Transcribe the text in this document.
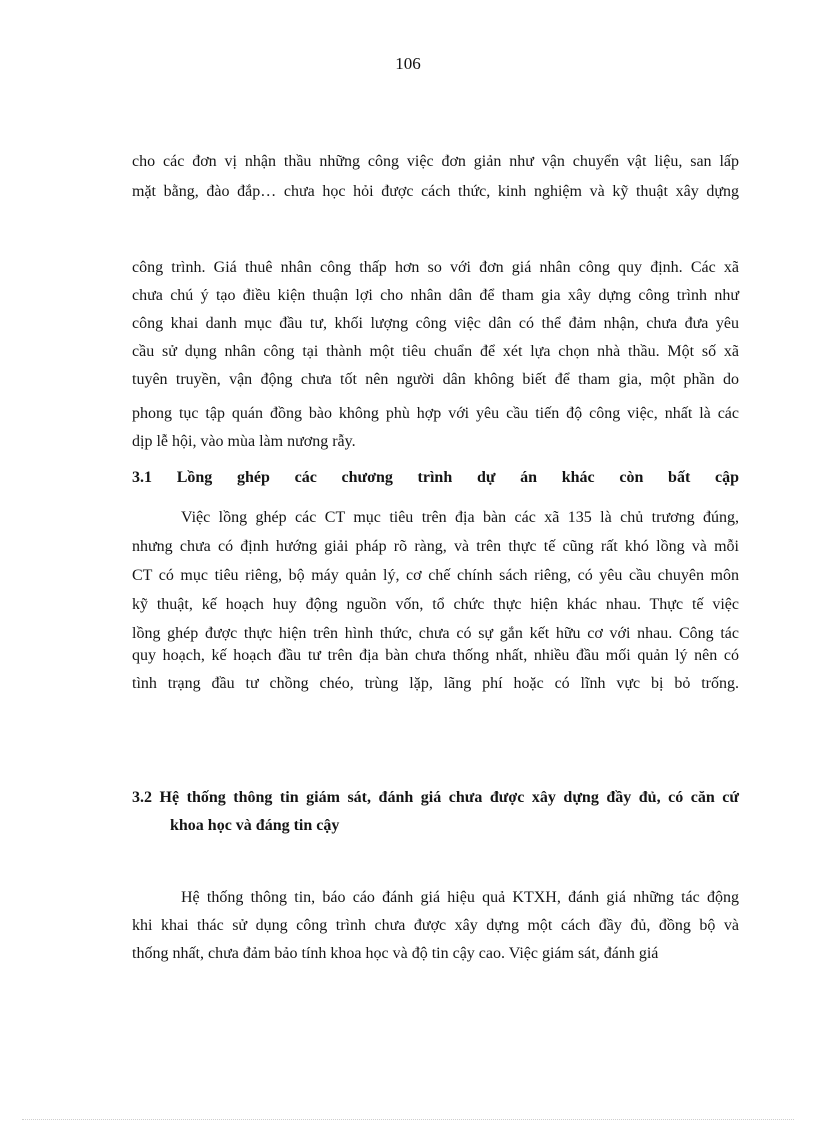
106
cho các đơn vị nhận thầu những công việc đơn giản như vận chuyển vật liệu, san lấp
mặt bằng, đào đắp… chưa học hỏi được cách thức, kinh nghiệm và kỹ thuật xây dựng
công trình. Giá thuê nhân công thấp hơn so với đơn giá nhân công quy định. Các xã
chưa chú ý tạo điều kiện thuận lợi cho nhân dân để tham gia xây dựng công trình như
công khai danh mục đầu tư, khối lượng công việc dân có thể đảm nhận, chưa đưa yêu
cầu sử dụng nhân công tại thành một tiêu chuẩn để xét lựa chọn nhà thầu. Một số xã
tuyên truyền, vận động chưa tốt nên người dân không biết để tham gia, một phần do
phong tục tập quán đồng bào không phù hợp với yêu cầu tiến độ công việc, nhất là các
dịp lễ hội, vào mùa làm nương rẫy.
3.1 Lồng ghép các chương trình dự án khác còn bất cập
Việc lồng ghép các CT mục tiêu trên địa bàn các xã 135 là chủ trương đúng,
nhưng chưa có định hướng giải pháp rõ ràng, và trên thực tế cũng rất khó lồng và mỗi
CT có mục tiêu riêng, bộ máy quản lý, cơ chế chính sách riêng, có yêu cầu chuyên môn
kỹ thuật, kế hoạch huy động nguồn vốn, tổ chức thực hiện khác nhau. Thực tế việc
lồng ghép được thực hiện trên hình thức, chưa có sự gắn kết hữu cơ với nhau. Công tác
quy hoạch, kế hoạch đầu tư trên địa bàn chưa thống nhất, nhiều đầu mối quản lý nên có
tình trạng đầu tư chồng chéo, trùng lặp, lãng phí hoặc có lĩnh vực bị bỏ trống.
3.2 Hệ thống thông tin giám sát, đánh giá chưa được xây dựng đầy đủ, có căn cứ
khoa học và đáng tin cậy
Hệ thống thông tin, báo cáo đánh giá hiệu quả KTXH, đánh giá những tác động
khi khai thác sử dụng công trình chưa được xây dựng một cách đầy đủ, đồng bộ và
thống nhất, chưa đảm bảo tính khoa học và độ tin cậy cao. Việc giám sát, đánh giá
